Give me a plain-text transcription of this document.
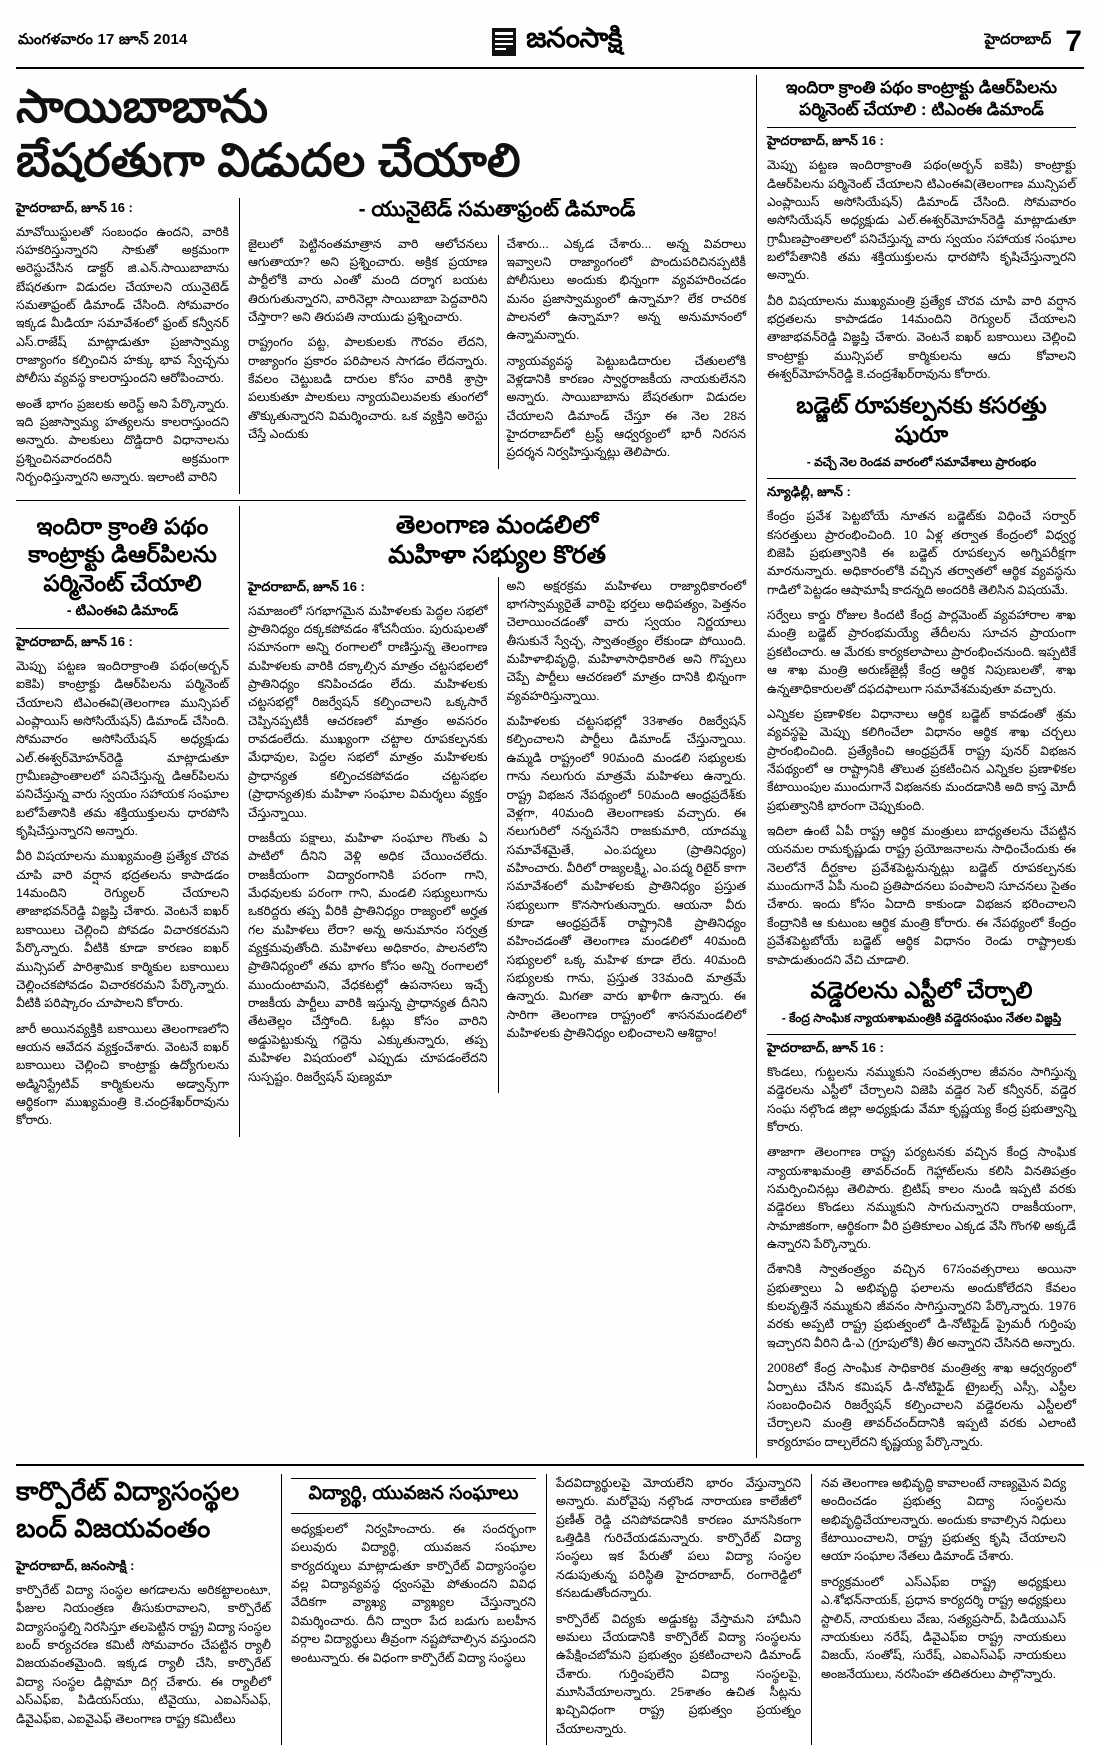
మంగళవారం 17 జూన్ 2014	జనంసాక్షి	హైదరాబాద్ 7
సాయిబాబాను
బేషరతుగా విడుదల చేయాలి
హైదరాబాద్, జూన్ 16 :

మావోయిస్టులతో సంబంధం ఉందని, వారికి సహకరిస్తున్నారని సాకుతో అక్రమంగా అరెస్టుచేసిన డాక్టర్ జి.ఎన్.సాయిబాబాను బేషరతుగా విడుదల చేయాలని యునైటెడ్ సమతాఫ్రంట్ డిమాండ్ చేసింది. సోమవారం ఇక్కడ మీడియా సమావేశంలో ఫ్రంట్ కన్వీనర్ ఎస్.రాజేష్ మాట్లాడుతూ ప్రజాస్వామ్య రాజ్యాంగం కల్పించిన హక్కు భావ స్వేచ్ఛను పోలీసు వ్యవస్థ కాలరాస్తుందని ఆరోపించారు.

అంతే భాగం ప్రజలకు అరెస్ట్ అని పేర్కొన్నారు. ఇది ప్రజాస్వామ్య హత్యలను కాలరాస్తుందని అన్నారు. పాలకులు దొడ్డిదారి విధానాలను ప్రశ్నించినవారందరినీ అక్రమంగా నిర్బంధిస్తున్నారని అన్నారు. ఇలాంటి వారిని

- యునైటెడ్ సమతాఫ్రంట్ డిమాండ్

జైలులో పెట్టినంతమాత్రాన వారి ఆలోచనలు ఆగుతాయా? అని ప్రశ్నించారు. అక్రిక ప్రయాణ పార్టీలోకి వారు ఎంతో మంది దర్శాగ బయట తిరుగుతున్నారని, వారినెల్లా సాయిబాబా పెద్దవారిని చేస్తారా? అని తిరుపతి నాయుడు ప్రశ్నించారు.

రాష్ట్రంగం పట్ట, పాలకులకు గౌరవం లేదని, రాజ్యాంగం ప్రకారం పరిపాలన సాగడం లేదన్నారు. కేవలం చెట్టుబడి దారుల కోసం వారికి శ్రాస్రా పలుకుతూ పాలకులు న్యాయవిలువలకు తుంగలో తొక్కుతున్నారని విమర్శించారు. ఒక వ్యక్తిని అరెస్టు చేస్తే ఎందుకు

చేశారు... ఎక్కడ చేశారు... అన్న వివరాలు ఇవ్వాలని రాజ్యాంగంలో పొందుపరిచినప్పటికీ పోలీసులు అందుకు భిన్నంగా వ్యవహరించడం మనం ప్రజాస్వామ్యంలో ఉన్నామా? లేక రాచరిక పాలనలో ఉన్నామా? అన్న అనుమానంలో ఉన్నామన్నారు.

న్యాయవ్యవస్థ పెట్టుబడిదారుల చేతులలోకి వెళ్లడానికి కారణం స్వార్థరాజకీయ నాయకులేనని అన్నారు. సాయిబాబాను బేషరతుగా విడుదల చేయాలని డిమాండ్ చేస్తూ ఈ నెల 28న హైదరాబాద్‌లో ట్రస్ట్ ఆధ్వర్యంలో భారీ నిరసన ప్రదర్శన నిర్వహిస్తున్నట్లు తెలిపారు.

ఇందిరా క్రాంతి పథం కాంట్రాక్టు డిఆర్‌పిలను పర్మినెంట్ చేయాలి
- టిఎంఈవి డిమాండ్
హైదరాబాద్, జూన్ 16 :

మెప్పు పట్టణ ఇందిరాక్రాంతి పథం(అర్బన్ ఐకెపి) కాంట్రాక్టు డిఆర్‌పిలను పర్మినెంట్ చేయాలని టిఎంఈవి(తెలంగాణ మున్సిపల్ ఎంప్లాయిస్ అసోసియేషన్) డిమాండ్ చేసింది. సోమవారం అసోసియేషన్ అధ్యక్షుడు ఎల్.ఈశ్వర్‌మోహన్‌రెడ్డి మాట్లాడుతూ గ్రామీణప్రాంతాలలో పనిచేస్తున్న డిఆర్‌పిలను పనిచేస్తున్న వారు స్వయం సహాయక సంఘాల బలోపేతానికి తమ శక్తియుక్తులను ధారపోసి కృషిచేస్తున్నారని అన్నారు.

వీరి విషయాలను ముఖ్యమంత్రి ప్రత్యేక చొరవ చూపి వారి వర్షాన భద్రతలను కాపాడడం 14మందిని రెగ్యులర్ చేయాలని తాజాభవన్‌రెడ్డి విజ్ఞప్తి చేశారు. వెంటనే ఐఖర్ బకాయిలు చెల్లించి పోవడం విచారకరమని పేర్కొన్నారు. వీటికి కూడా కారణం ఐఖర్ మున్సిపల్ పారిశ్రామిక కార్మికుల బకాయిలు చెల్లించకపోవడం విచారకరమని పేర్కొన్నారు. వీటికి పరిష్కారం చూపాలని కోరారు.

జారీ అయినవ్యక్తికి బకాయిలు తెలంగాణలోని ఆయన ఆవేదన వ్యక్తంచేశారు. వెంటనే ఐఖర్ బకాయిలు చెల్లించి కాంట్రాక్టు ఉద్యోగులను అడ్మినిస్ట్రేటివ్ కార్మికులను అడ్వాన్స్‌గా ఆర్థికంగా ముఖ్యమంత్రి కె.చంద్రశేఖర్‌రావును కోరారు.

తెలంగాణ మండలిలో
మహిళా సభ్యుల కొరత
హైదరాబాద్, జూన్ 16 :

సమాజంలో సగభాగమైన మహిళలకు పెద్దల సభలో ప్రాతినిధ్యం దక్కకపోవడం శోచనీయం. పురుషులతో సమానంగా అన్ని రంగాలలో రాణిస్తున్న తెలంగాణ మహిళలకు వారికి దక్కాల్సిన మాత్రం చట్టసభలలో ప్రాతినిధ్యం కనిపించడం లేదు. మహిళలకు చట్టసభల్లో రిజర్వేషన్ కల్పించాలని ఒక్కసారే చెప్పినప్పటికీ ఆచరణలో మాత్రం అవసరం రావడంలేదు. ముఖ్యంగా చట్టాల రూపకల్పనకు మేధావుల, పెద్దల సభలో మాత్రం మహిళలకు ప్రాధాన్యత కల్పించకపోవడం చట్టసభల (ప్రాధాన్యత)కు మహిళా సంఘాల విమర్శలు వ్యక్తం చేస్తున్నాయి.

రాజకీయ పక్షాలు, మహిళా సంఘాల గొంతు ఏ పాటిలో దీనిని వెళ్లి అధిక చేయించలేదు. రాజకీయంగా విద్యారంగానికి పరంగా గాని, మేధవులకు పరంగా గాని, మండలి సభ్యులుగాను ఒకరిద్దరు తప్ప వీరికి ప్రాతినిధ్యం రాజ్యంలో అర్హత గల మహిళలు లేరా? అన్న అనుమానం సర్వత్ర వ్యక్తమవుతోంది. మహిళలు అధికారం, పాలనలోని ప్రాతినిధ్యంలో తమ భాగం కోసం అన్ని రంగాలలో ముందుంటామని, వేధకటల్లో ఉపనాసలు ఇచ్చే రాజకీయ పార్టీలు వారికి ఇస్తున్న ప్రాధాన్యత దీనిని తేటతెల్లం చేస్తోంది. ఓట్లు కోసం వారిని అడ్డుపెట్టుకున్న గద్దెను ఎక్కుతున్నారు, తప్ప మహిళల విషయంలో ఎప్పుడు చూపడంలేదని సుస్పష్టం. రిజర్వేషన్ పుణ్యమా

అని అక్షరక్రమ మహిళలు రాజ్యాధికారంలో భాగస్వామ్యరైతే వారిపై భర్తలు అధిపత్యం, పెత్తనం చెలాయించడంతో వారు స్వయం నిర్ణయాలు తీసుకునే స్వేచ్ఛ, స్వాతంత్ర్యం లేకుండా పోయింది. మహిళాభివృద్ధి, మహిళాసాధికారిత అని గొప్పలు చెప్పే పార్టీలు ఆచరణలో మాత్రం దానికి భిన్నంగా వ్యవహరిస్తున్నాయి.

మహిళలకు చట్టసభల్లో 33శాతం రిజర్వేషన్ కల్పించాలని పార్టీలు డిమాండ్ చేస్తున్నాయి. ఉమ్మడి రాష్ట్రంలో 90మంది మండలి సభ్యులకు గాను నలుగురు మాత్రమే మహిళలు ఉన్నారు. రాష్ట్ర విభజన నేపథ్యంలో 50మంది ఆంధ్రప్రదేశ్‌కు వెళ్లగా, 40మంది తెలంగాణకు వచ్చారు. ఈ నలుగురిలో నన్నపనేని రాజకుమారి, యాదమ్మ సమావేశమైతే, ఎం.పద్మలు (ప్రాతినిధ్యం) వహించారు. వీరిలో రాజ్యలక్ష్మి, ఎం.పద్మ రిటైర్ కాగా సమావేశంలో మహిళలకు ప్రాతినిధ్యం ప్రస్తుత సభ్యులుగా కొనసాగుతున్నారు. ఆయనా వీరు కూడా ఆంధ్రప్రదేశ్ రాష్ట్రానికి ప్రాతినిధ్యం వహించడంతో తెలంగాణ మండలిలో 40మంది సభ్యులలో ఒక్క మహిళ కూడా లేరు. 40మంది సభ్యులకు గాను, ప్రస్తుత 33మంది మాత్రమే ఉన్నారు. మిగతా వారు ఖాళీగా ఉన్నారు. ఈ సారిగా తెలంగాణ రాష్ట్రంలో శాసనమండలిలో మహిళలకు ప్రాతినిధ్యం లభించాలని ఆశిద్దాం!

ఇందిరా క్రాంతి పథం కాంట్రాక్టు డిఆర్‌పిలను పర్మినెంట్ చేయాలి : టిఎంఈ డిమాండ్
హైదరాబాద్, జూన్ 16 :

మెప్పు పట్టణ ఇందిరాక్రాంతి పథం(అర్బన్ ఐకెపి) కాంట్రాక్టు డిఆర్‌పిలను పర్మినెంట్ చేయాలని టిఎంఈవి(తెలంగాణ మున్సిపల్ ఎంప్లాయిస్ అసోసియేషన్) డిమాండ్ చేసింది. సోమవారం అసోసియేషన్ అధ్యక్షుడు ఎల్.ఈశ్వర్‌మోహన్‌రెడ్డి మాట్లాడుతూ గ్రామీణప్రాంతాలలో పనిచేస్తున్న వారు స్వయం సహాయక సంఘాల బలోపేతానికి తమ శక్తియుక్తులను ధారపోసి కృషిచేస్తున్నారని అన్నారు.

వీరి విషయాలను ముఖ్యమంత్రి ప్రత్యేక చొరవ చూపి వారి వర్షాన భద్రతలను కాపాడడం 14మందిని రెగ్యులర్ చేయాలని తాజాభవన్‌రెడ్డి విజ్ఞప్తి చేశారు. వెంటనే ఐఖర్ బకాయిలు చెల్లించి కాంట్రాక్టు మున్సిపల్ కార్మికులను ఆదు కోవాలని ఈశ్వర్‌మోహన్‌రెడ్డి కె.చంద్రశేఖర్‌రావును కోరారు.

బడ్జెట్ రూపకల్పనకు కసరత్తు షురూ
- వచ్చే నెల రెండవ వారంలో సమావేశాలు ప్రారంభం
న్యూఢిల్లీ, జూన్ :

కేంద్రం ప్రవేశ పెట్టబోయే నూతన బడ్జెట్‌కు విధించే సర్వార్ కసరత్తులు ప్రారంభించింది. 10 ఏళ్ల తర్వాత కేంద్రంలో విధ్వర్థ బిజెపి ప్రభుత్వానికి ఈ బడ్జెట్ రూపకల్పన అగ్నిపరీక్షగా మారనున్నారు. అధికారంలోకి వచ్చిన తర్వాతలో ఆర్థిక వ్యవస్థను గాడిలో పెట్టడం ఆషామాషీ కాదన్నది అందరికి తెలిసిన విషయమే.

సర్వేలు కార్డు రోజుల కిందటి కేంద్ర పార్లమెంట్ వ్యవహారాల శాఖ మంత్రి బడ్జెట్ ప్రారంభమయ్యే తేదీలను సూచన ప్రాయంగా ప్రకటించారు. ఆ మేరకు కార్యకలాపాలు ప్రారంభించనుంది. ఇప్పటికే ఆ శాఖ మంత్రి అరుణ్‌జైట్లీ కేంద్ర ఆర్థిక నిపుణులతో, శాఖ ఉన్నతాధికారులతో దఫదఫాలుగా సమావేశమవుతూ వచ్చారు.

ఎన్నికల ప్రణాళికల విధానాలు ఆర్థిక బడ్జెట్ కావడంతో శ్రమ వ్యవస్థపై మెప్పు కలిగించేలా విధానం ఆర్థిక శాఖ చర్చలు ప్రారంభించింది. ప్రత్యేకించి ఆంధ్రప్రదేశ్ రాష్ట్ర పునర్ విభజన నేపథ్యంలో ఆ రాష్ట్రానికి తొలుత ప్రకటించిన ఎన్నికల ప్రణాళికల కేటాయింపుల ముందుగానే విభజనకు మందడానికి అది కాస్త మోదీ ప్రభుత్వానికి భారంగా చెప్పుకుంది.

ఇదిలా ఉంటే ఏపీ రాష్ట్ర ఆర్థిక మంత్రులు బాధ్యతలను చేపట్టిన యనమల రామకృష్ణుడు రాష్ట్ర ప్రయోజనాలను సాధించేందుకు ఈ నెలలోనే దీర్ఘకాల ప్రవేశపెట్టనున్నట్లు బడ్జెట్ రూపకల్పనకు ముందుగానే ఏపీ నుంచి ప్రతిపాదనలు పంపాలని సూచనలు సైతం చేశారు. ఇందు కోసం ఏదాది కాకుండా విభజన భరించాలని కేంద్రానికి ఆ కుటుంబ ఆర్థిక మంత్రి కోరారు. ఈ నేపథ్యంలో కేంద్రం ప్రవేశపెట్టబోయే బడ్జెట్ ఆర్థిక విధానం రెండు రాష్ట్రాలకు కాపాడుతుందని వేచి చూడాలి.

వడ్డెరలను ఎస్టీలో చేర్చాలి
- కేంద్ర సాంఘిక న్యాయశాఖమంత్రికి వడ్డెరసంఘం నేతల విజ్ఞప్తి
హైదరాబాద్, జూన్ 16 :

కొండలు, గుట్టలను నమ్ముకుని సంవత్సరాల జీవనం సాగిస్తున్న వడ్డెరలను ఎస్టీలో చేర్చాలని విజెపి వడ్డెర సెల్ కన్వీనర్, వడ్డెర సంఘ నల్గొండ జిల్లా అధ్యక్షుడు వేమా కృష్ణయ్య కేంద్ర ప్రభుత్వాన్ని కోరారు.

తాజాగా తెలంగాణ రాష్ట్ర పర్యటనకు వచ్చిన కేంద్ర సాంఘిక న్యాయశాఖమంత్రి తావర్‌చంద్ గెహ్లాట్‌లను కలిసి వినతిపత్రం సమర్పించినట్లు తెలిపారు. బ్రిటిష్ కాలం నుండి ఇప్పటి వరకు వడ్డెరలు కొండలు నమ్ముకుని సాగుచున్నారని రాజకీయంగా, సామాజికంగా, ఆర్థికంగా వీరి ప్రతికూలం ఎక్కడ వేసి గొంగళి అక్కడే ఉన్నారని పేర్కొన్నారు.

దేశానికి స్వాతంత్ర్యం వచ్చిన 67సంవత్సరాలు అయినా ప్రభుత్వాలు ఏ అభివృద్ధి ఫలాలను అందుకోలేదని కేవలం కులవృత్తినే నమ్ముకుని జీవనం సాగిస్తున్నారని పేర్కొన్నారు. 1976 వరకు అప్పటి రాష్ట్ర ప్రభుత్వంలో డి-నోటిఫైడ్ ప్రైమరీ గుర్తింపు ఇచ్చారని వీరిని డి-ఎ (గ్రూపులోకి) తీర అన్నారని చేసినది అన్నారు.

2008లో కేంద్ర సాంఘిక సాధికారిక మంత్రిత్వ శాఖ ఆధ్వర్యంలో ఏర్పాటు చేసిన కమిషన్ డి-నోటిఫైడ్ ట్రైబల్స్ ఎస్సీ, ఎస్టీల సంబంధించిన రిజర్వేషన్ కల్పించాలని వడ్డెరలను ఎస్టీలలో చేర్చాలని మంత్రి తావర్‌చంద్‌దానికి ఇప్పటి వరకు ఎలాంటి కార్యరూపం దాల్చలేదని కృష్ణయ్య పేర్కొన్నారు.

కార్పొరేట్ విద్యాసంస్థల బంద్ విజయవంతం
హైదరాబాద్, జనంసాక్షి :

కార్పొరేట్ విద్యా సంస్థల అగడాలను అరికట్టాలంటూ, ఫీజుల నియంత్రణ తీసుకురావాలని, కార్పొరేట్ విద్యాసంస్థల్ని నిరసిస్తూ తలపెట్టిన రాష్ట్ర విద్యా సంస్థల బంద్ కార్యచరణ కమిటీ సోమవారం చేపట్టిన ర్యాలీ విజయవంతమైంది. ఇక్కడ ర్యాలీ చేసి, కార్పొరేట్ విద్యా సంస్థల డిప్లొమా దిగ్గ చేశారు. ఈ ర్యాలీలో ఎస్‌ఎఫ్ఐ, పిడియస్‌యు, టివైయు, ఎఐఎస్ఎఫ్, డివైఎఫ్ఐ, ఎఐవైఎఫ్ తెలంగాణ రాష్ట్ర కమిటీలు

విద్యార్థి, యువజన సంఘాలు

అధ్యక్షులలో నిర్వహించారు. ఈ సందర్భంగా పలువురు విద్యార్థి, యువజన సంఘాల కార్యదర్శులు మాట్లాడుతూ కార్పొరేట్ విద్యాసంస్థల వల్ల విద్యావ్యవస్థ ధ్వంసమై పోతుందని వివిధ వేదికగా వ్యాఖ్య వ్యాఖ్యల చేస్తున్నారని విమర్శించారు. దీని ద్వారా పేద బడుగు బలహీన వర్గాల విద్యార్థులు తీవ్రంగా నష్టపోవాల్సిన వస్తుందని అంటున్నారు. ఈ విధంగా కార్పొరేట్ విద్యా సంస్థలు

పేదవిద్యార్థులపై మోయలేని భారం వేస్తున్నారని అన్నారు. మరోవైపు నల్గొండ నారాయణ కాలేజీలో ప్రణీత్ రెడ్డి చనిపోవడానికి కారణం మానసికంగా ఒత్తిడికి గురిచేయడమన్నారు. కార్పొరేట్ విద్యా సంస్థలు ఇక పేరుతో పలు విద్యా సంస్థల నడుపుతున్న పరిస్థితి హైదరాబాద్, రంగారెడ్డిలో కనబడుతోందన్నారు.

కార్పొరేట్ విద్యకు అడ్డుకట్ట వేస్తామని హామీని అమలు చేయడానికి కార్పొరేట్ విద్యా సంస్థలను ఉపేక్షించబోమని ప్రభుత్వం ప్రకటించాలని డిమాండ్ చేశారు. గుర్తింపులేని విద్యా సంస్థలపై, మూసివేయాలన్నారు. 25శాతం ఉచిత సీట్లను ఖచ్చివిధంగా రాష్ట్ర ప్రభుత్వం ప్రయత్నం చేయాలన్నారు.

నవ తెలంగాణ అభివృద్ధి కావాలంటే నాణ్యమైన విద్య అందించడం ప్రభుత్వ విద్యా సంస్థలను అభివృద్ధిచేయాలన్నారు. అందుకు కావాల్సిన నిధులు కేటాయించాలని, రాష్ట్ర ప్రభుత్వ కృషి చేయాలని ఆయా సంఘాల నేతలు డిమాండ్ చేశారు.

కార్యక్రమంలో ఎస్ఎఫ్ఐ రాష్ట్ర అధ్యక్షులు ఎ.శోభన్‌నాయక్, ప్రధాన కార్యదర్శి రాష్ట్ర అధ్యక్షులు స్టాలిన్, నాయకులు వేణు, సత్యప్రసాద్, పిడియుఎస్ నాయకులు నరేష్, డివైఎఫ్ఐ రాష్ట్ర నాయకులు విజయ్, సంతోష్, సురేష్, ఎఐఎస్ఎఫ్ నాయకులు అంజనేయులు, నరసింహ తదితరులు పాల్గొన్నారు.
